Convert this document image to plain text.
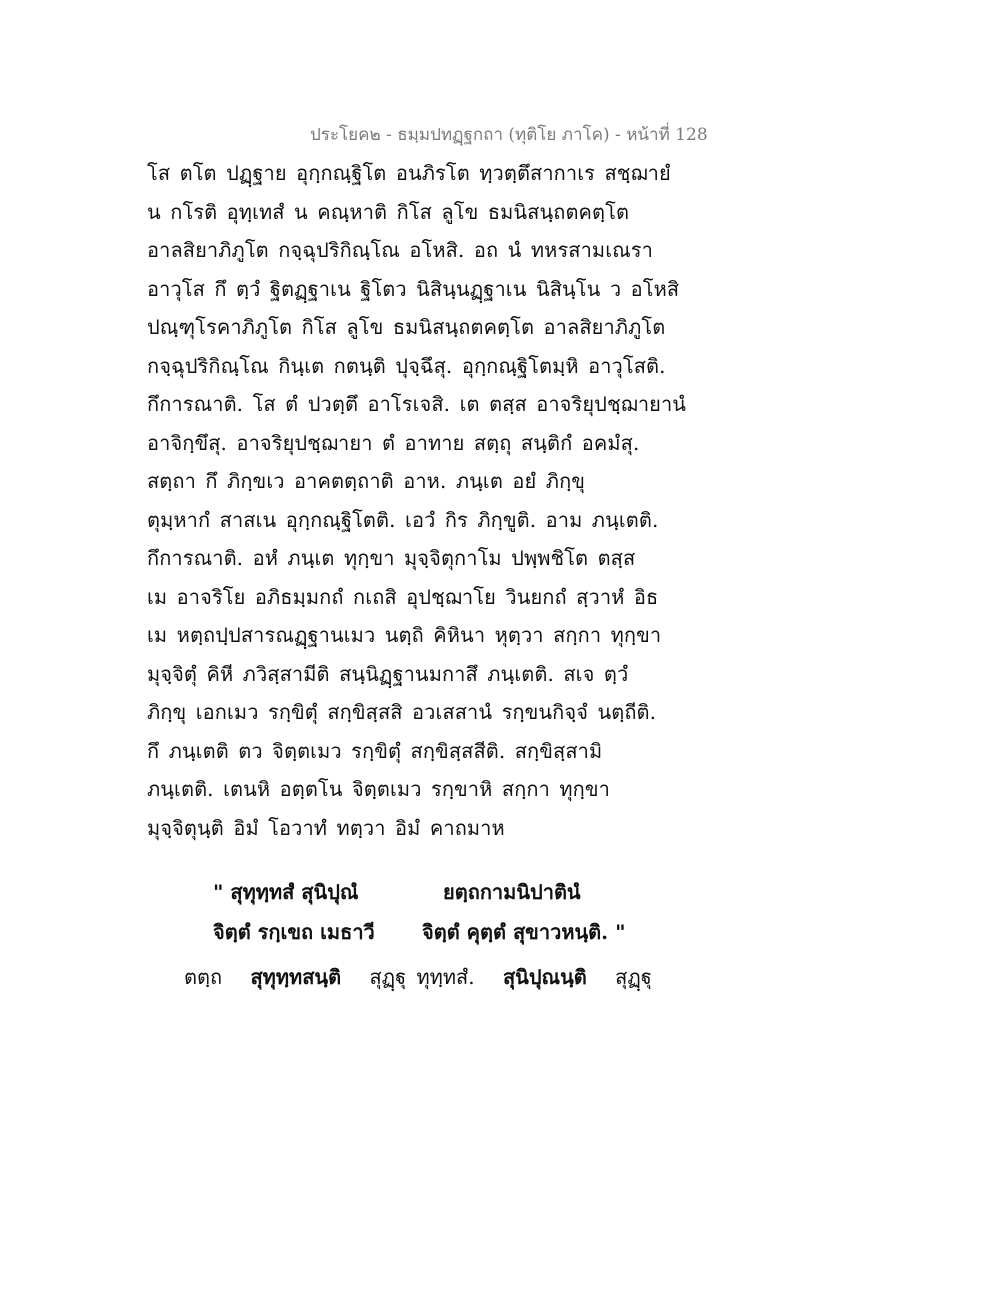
ประโยค๒ - ธมฺมปทฏฺฐกถา (ทุติโย ภาโค) - หน้าที่ 128
โส ตโต ปฏฺฐาย อุกฺกณฺฐิโต อนภิรโต ทฺวตฺตึสากาเร สชฺฌายํ
น กโรติ อุทฺเทสํ น คณฺหาติ กิโส ลูโข ธมนิสนฺถตคตฺโต
อาลสิยาภิภูโต กจฺฉุปริกิณฺโณ อโหสิ. อถ นํ ทหรสามเณรา
อาวุโส กึ ตฺวํ ฐิตฏฺฐาเน ฐิโตว นิสินฺนฏฺฐาเน นิสินฺโน ว อโหสิ
ปณฺฑุโรคาภิภูโต กิโส ลูโข ธมนิสนฺถตคตฺโต อาลสิยาภิภูโต
กจฺฉุปริกิณฺโณ กินฺเต กตนฺติ ปุจฺฉึสุ. อุกฺกณฺฐิโตมฺหิ อาวุโสติ.
กึการณาติ. โส ตํ ปวตฺตึ อาโรเจสิ. เต ตสฺส อาจริยุปชฺฌายานํ
อาจิกฺขึสุ. อาจริยุปชฺฌายา ตํ อาทาย สตฺถุ สนฺติกํ อคมํสุ.
สตฺถา กึ ภิกฺขเว อาคตตฺถาติ อาห. ภนฺเต อยํ ภิกฺขุ
ตุมฺหากํ สาสเน อุกฺกณฺฐิโตติ. เอวํ กิร ภิกฺขูติ. อาม ภนฺเตติ.
กึการณาติ. อหํ ภนฺเต ทุกฺขา มุจฺจิตุกาโม ปพฺพชิโต ตสฺส
เม อาจริโย อภิธมฺมกถํ กเถสิ อุปชฺฌาโย วินยกถํ สฺวาหํ อิธ
เม หตฺถปฺปสารณฏฺฐานเมว นตฺถิ คิหินา หุตฺวา สกฺกา ทุกฺขา
มุจฺจิตุํ คิหี ภวิสฺสามีติ สนฺนิฏฺฐานมกาสึ ภนฺเตติ. สเจ ตฺวํ
ภิกฺขุ เอกเมว รกฺขิตุํ สกฺขิสฺสสิ อวเสสานํ รกฺขนกิจฺจํ นตฺถีติ.
กึ ภนฺเตติ ตว จิตฺตเมว รกฺขิตุํ สกฺขิสฺสสีติ. สกฺขิสฺสามิ
ภนฺเตติ. เตนหิ อตฺตโน จิตฺตเมว รกฺขาหิ สกฺกา ทุกฺขา
มุจฺจิตุนฺติ อิมํ โอวาทํ ทตฺวา อิมํ คาถมาห
" สุทุทฺทสํ สุนิปุณํ	ยตฺถกามนิปาตินํ
จิตฺตํ รกฺเขถ เมธาวี จิตฺตํ คุตฺตํ สุขาวหนฺติ. "
ตตฺถ สุทุทฺทสนฺติ สุฏฺฐุ ทุทฺทสํ. สุนิปุณนฺติ สุฏฺฐุ
